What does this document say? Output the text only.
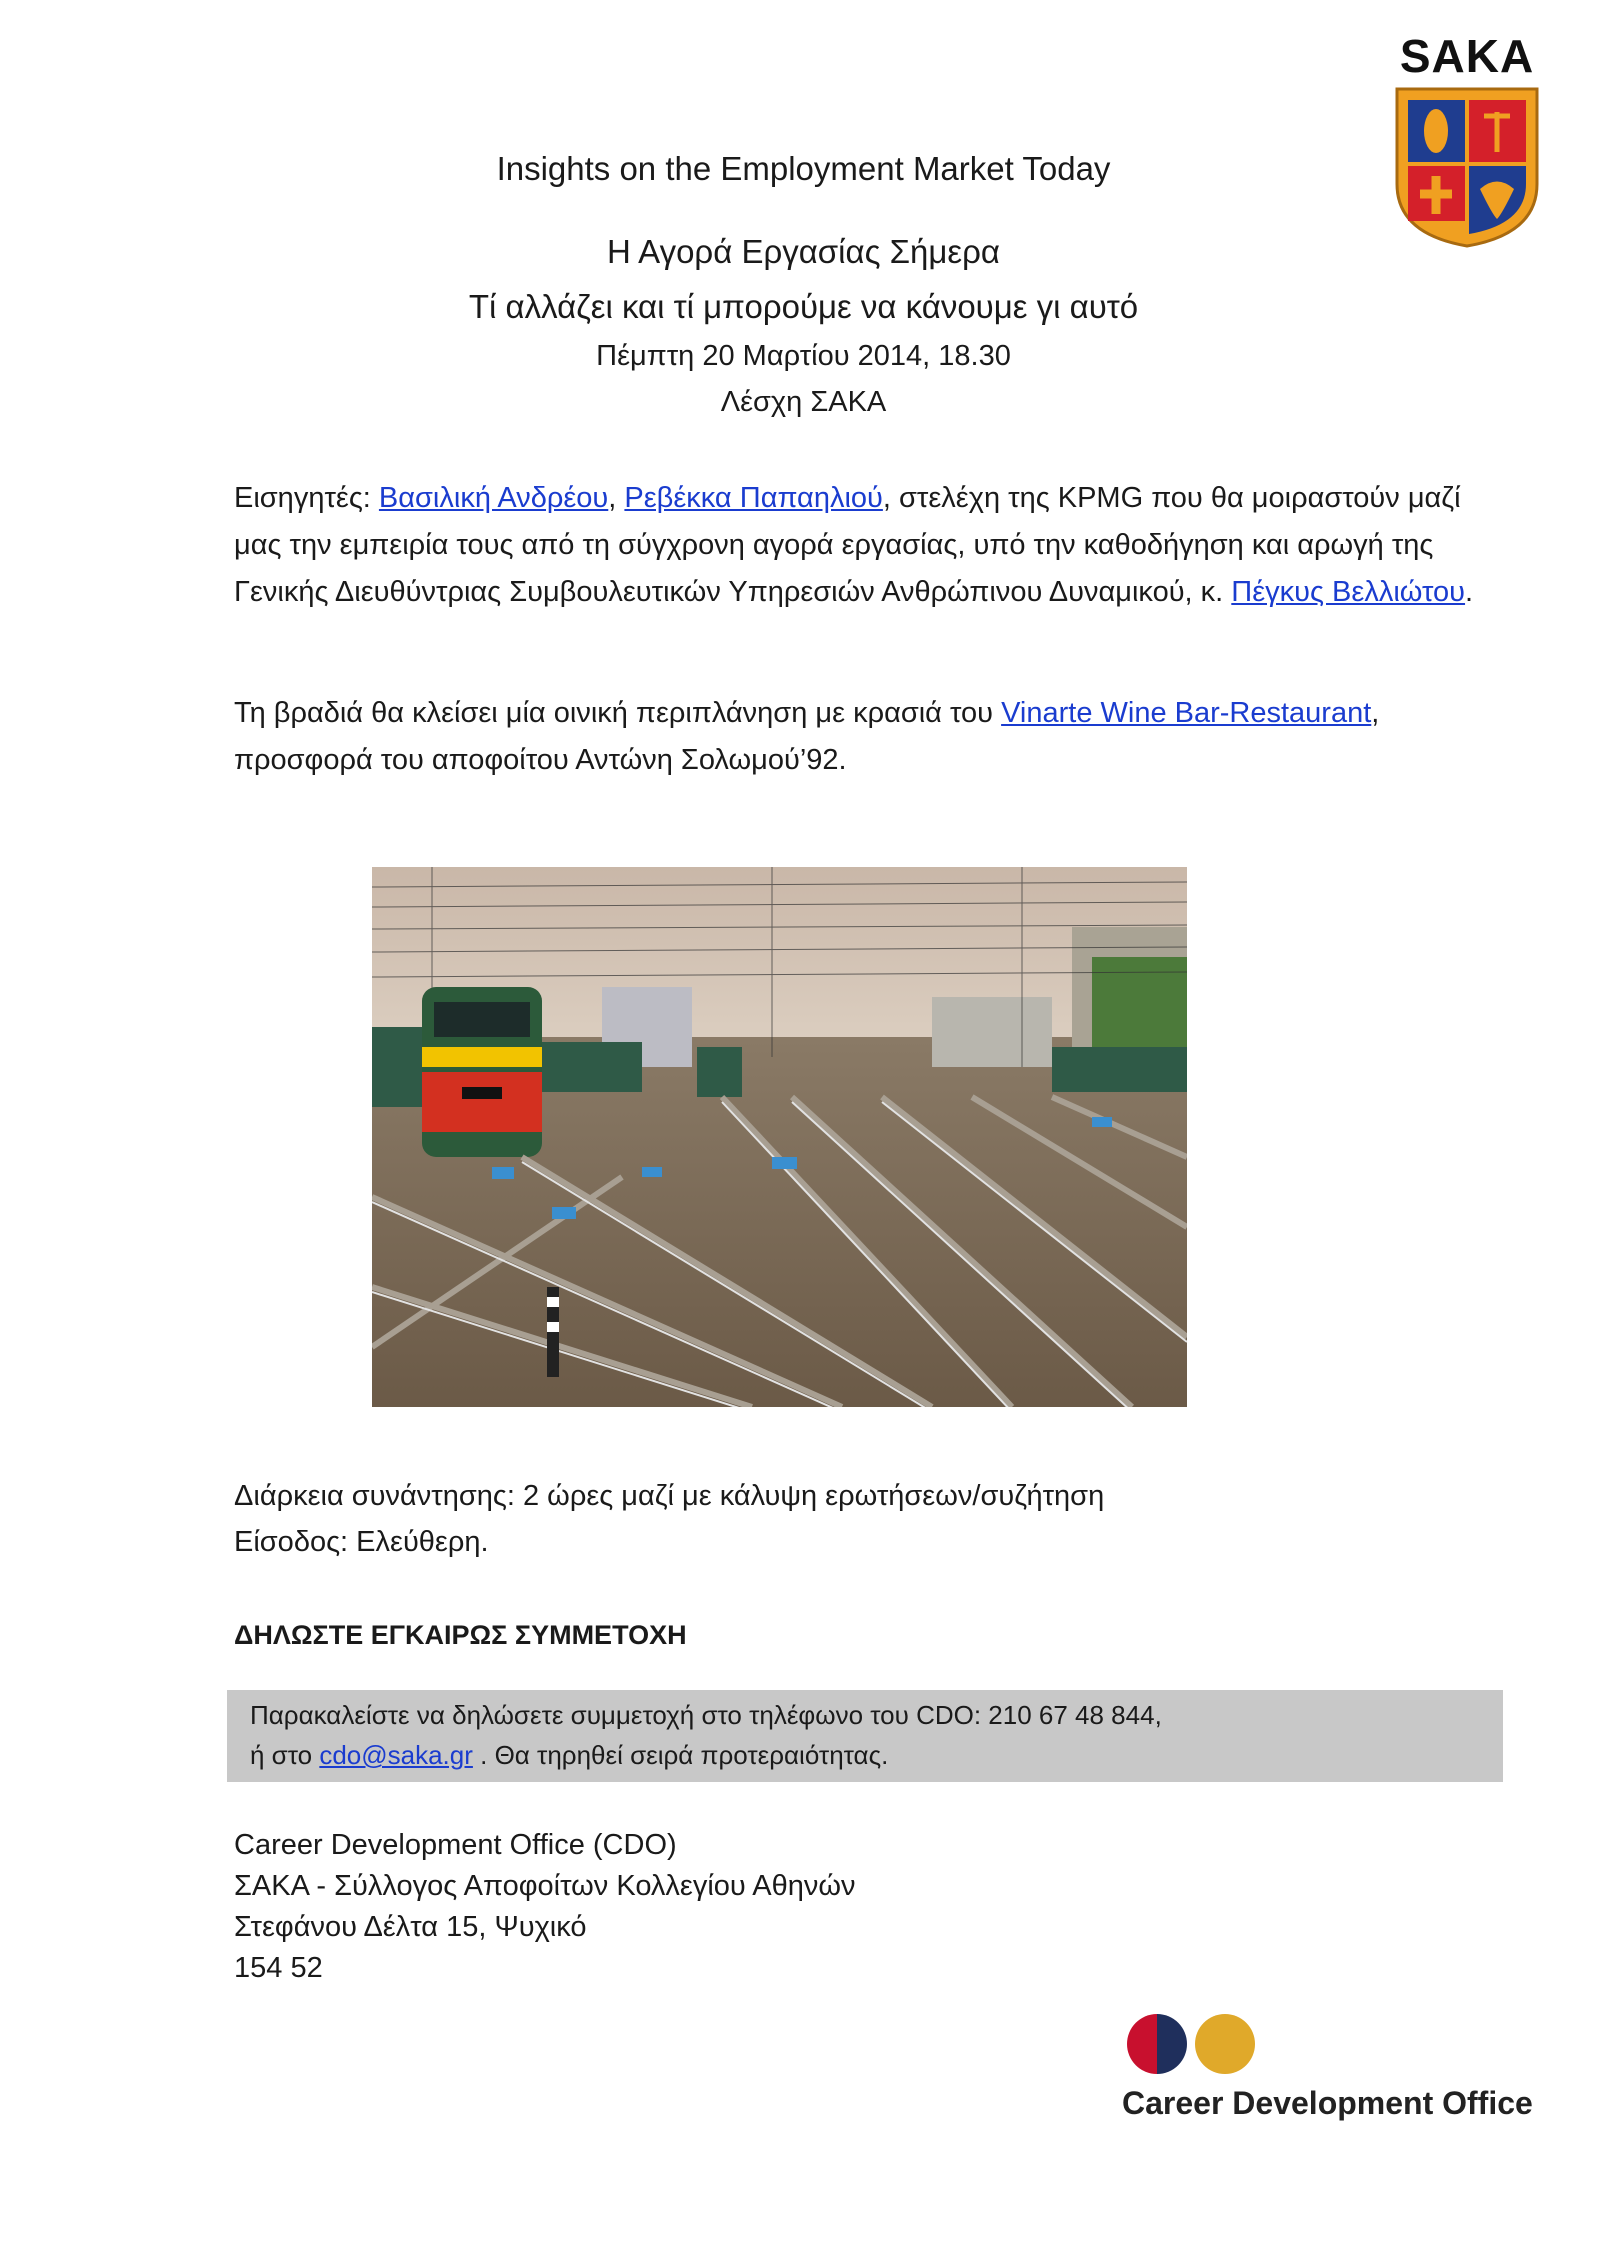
SAKA
Insights on the Employment Market Today
Η Αγορά Εργασίας Σήμερα
Τί αλλάζει και τί μπορούμε να κάνουμε γι αυτό
Πέμπτη 20 Μαρτίου 2014, 18.30
Λέσχη ΣΑΚΑ
Εισηγητές: Βασιλική Ανδρέου, Ρεβέκκα Παπαηλιού, στελέχη της KPMG που θα μοιραστούν μαζί μας την εμπειρία τους από τη σύγχρονη αγορά εργασίας, υπό την καθοδήγηση και αρωγή της Γενικής Διευθύντριας Συμβουλευτικών Υπηρεσιών Ανθρώπινου Δυναμικού, κ. Πέγκυς Βελλιώτου.
Τη βραδιά θα κλείσει μία οινική περιπλάνηση με κρασιά του Vinarte Wine Bar-Restaurant, προσφορά του αποφοίτου Αντώνη Σολωμού’92.
Διάρκεια συνάντησης: 2 ώρες μαζί με κάλυψη ερωτήσεων/συζήτηση
Είσοδος: Ελεύθερη.
ΔΗΛΩΣΤΕ ΕΓΚΑΙΡΩΣ ΣΥΜΜΕΤΟΧΗ
Παρακαλείστε να δηλώσετε συμμετοχή στο τηλέφωνο του CDO: 210 67 48 844,
ή στο cdo@saka.gr . Θα τηρηθεί σειρά προτεραιότητας.
Career Development Office (CDO)
ΣΑΚΑ - Σύλλογος Αποφοίτων Κολλεγίου Αθηνών
Στεφάνου Δέλτα 15, Ψυχικό
154 52
Career Development Office
